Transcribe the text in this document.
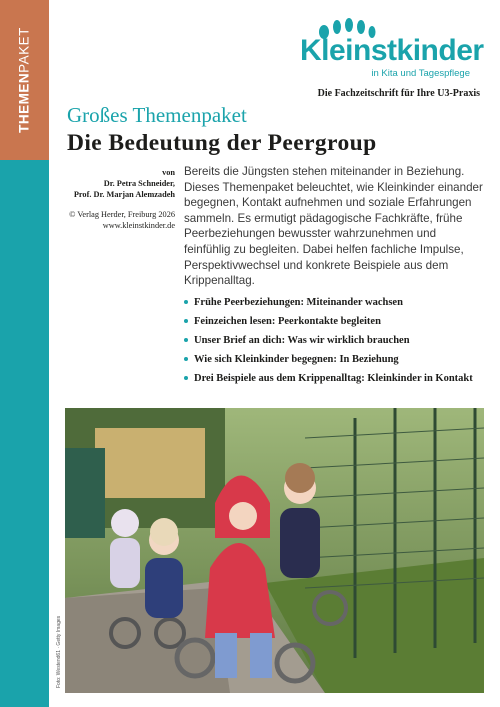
THEMENPAKET	Kleinstkinder
in Kita und Tagespflege
Die Fachzeitschrift für Ihre U3-Praxis
Großes Themenpaket
Die Bedeutung der Peergroup
von
Dr. Petra Schneider,
Prof. Dr. Marjan Alemzadeh
© Verlag Herder, Freiburg 2026
www.kleinstkinder.de
Bereits die Jüngsten stehen miteinander in Beziehung. Dieses Themenpaket beleuchtet, wie Kleinkinder einander begegnen, Kontakt aufnehmen und soziale Erfahrungen sammeln. Es ermutigt pädagogische Fachkräfte, frühe Peerbeziehungen bewusster wahrzunehmen und feinfühlig zu begleiten. Dabei helfen fachliche Impulse, Perspektivwechsel und konkrete Beispiele aus dem Krippenalltag.
Frühe Peerbeziehungen: Miteinander wachsen
Feinzeichen lesen: Peerkontakte begleiten
Unser Brief an dich: Was wir wirklich brauchen
Wie sich Kleinkinder begegnen: In Beziehung
Drei Beispiele aus dem Krippenalltag: Kleinkinder in Kontakt
Foto: Westend61 · Getty Images
